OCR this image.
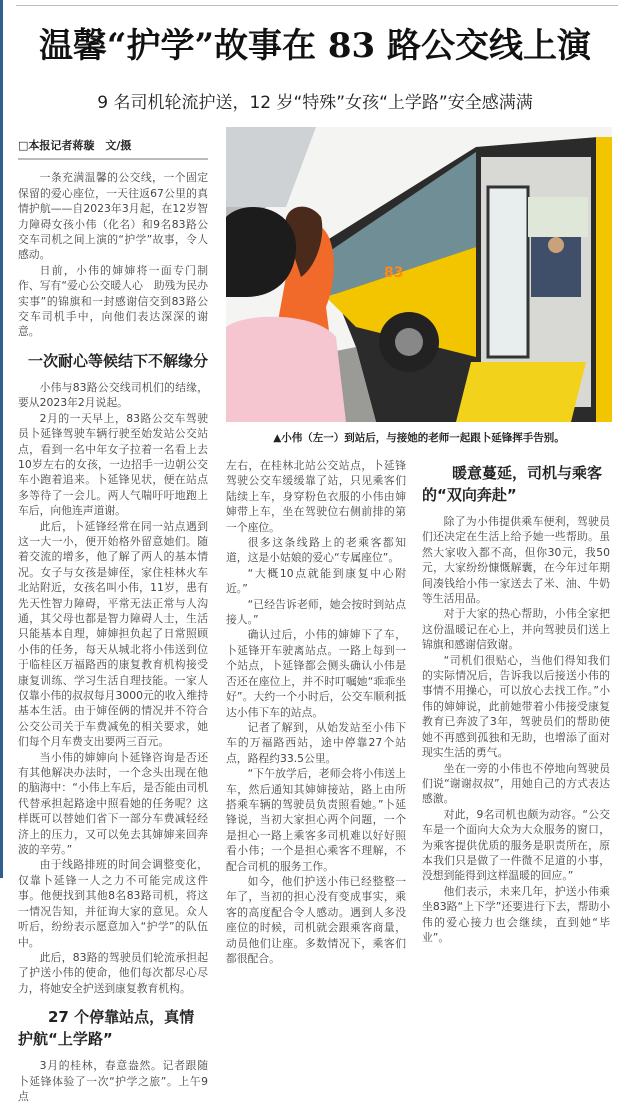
温馨“护学”故事在 83 路公交线上演
9 名司机轮流护送，12 岁“特殊”女孩“上学路”安全感满满
□本报记者蒋璇　文/摄

一条充满温馨的公交线，一个固定保留的爱心座位，一天往返67公里的真情护航——自2023年3月起，在12岁智力障碍女孩小伟（化名）和9名83路公交车司机之间上演的“护学”故事，令人感动。

日前，小伟的婶婶将一面专门制作、写有“爱心公交暖人心　助残为民办实事”的锦旗和一封感谢信交到83路公交车司机手中，向他们表达深深的谢意。

一次耐心等候结下不解缘分

小伟与83路公交线司机们的结缘，要从2023年2月说起。

2月的一天早上，83路公交车驾驶员卜延锋驾驶车辆行驶至始发站公交站点，看到一名中年女子拉着一名看上去10岁左右的女孩，一边招手一边朝公交车小跑着追来。卜延锋见状，便在站点多等待了一会儿。两人气喘吁吁地跑上车后，向他连声道谢。

此后，卜延锋经常在同一站点遇到这一大一小，便开始格外留意她们。随着交流的增多，他了解了两人的基本情况。女子与女孩是婶侄，家住桂林火车北站附近，女孩名叫小伟，11岁，患有先天性智力障碍，平常无法正常与人沟通，其父母也都是智力障碍人士，生活只能基本自理，婶婶担负起了日常照顾小伟的任务，每天从城北将小伟送到位于临桂区万福路西的康复教育机构接受康复训练、学习生活自理技能。一家人仅靠小伟的叔叔每月3000元的收入维持基本生活。由于婶侄俩的情况并不符合公交公司关于车费减免的相关要求，她们每个月车费支出要两三百元。

当小伟的婶婶向卜延锋咨询是否还有其他解决办法时，一个念头出现在他的脑海中：“小伟上车后，是否能由司机代替承担起路途中照看她的任务呢？这样既可以替她们省下一部分车费减轻经济上的压力，又可以免去其婶婶来回奔波的辛劳。”

由于线路排班的时间会调整变化，仅靠卜延锋一人之力不可能完成这件事。他便找到其他8名83路司机，将这一情况告知，并征询大家的意见。众人听后，纷纷表示愿意加入“护学”的队伍中。

此后，83路的驾驶员们轮流承担起了护送小伟的使命，他们每次都尽心尽力，将她安全护送到康复教育机构。

27 个停靠站点，真情护航“上学路”

3月的桂林，春意盎然。记者跟随卜延锋体验了一次“护学之旅”。上午9点

83
▲小伟（左一）到站后，与接她的老师一起跟卜延锋挥手告别。

左右，在桂林北站公交站点，卜延锋驾驶公交车缓缓靠了站，只见乘客们陆续上车，身穿粉色衣服的小伟由婶婶带上车，坐在驾驶位右侧前排的第一个座位。

很多这条线路上的老乘客都知道，这是小姑娘的爱心“专属座位”。

“大概10点就能到康复中心附近。”

“已经告诉老师，她会按时到站点接人。”

确认过后，小伟的婶婶下了车，卜延锋开车驶离站点。一路上每到一个站点，卜延锋都会侧头确认小伟是否还在座位上，并不时叮嘱她“乖乖坐好”。大约一个小时后，公交车顺利抵达小伟下车的站点。

记者了解到，从始发站至小伟下车的万福路西站，途中停靠27个站点，路程约33.5公里。

“下午放学后，老师会将小伟送上车，然后通知其婶婶接站，路上由所搭乘车辆的驾驶员负责照看她。”卜延锋说，当初大家担心两个问题，一个是担心一路上乘客多司机难以好好照看小伟；一个是担心乘客不理解，不配合司机的服务工作。

如今，他们护送小伟已经整整一年了，当初的担心没有变成事实，乘客的高度配合令人感动。遇到人多没座位的时候，司机就会跟乘客商量，动员他们让座。多数情况下，乘客们都很配合。

暖意蔓延，司机与乘客的“双向奔赴”

除了为小伟提供乘车便利，驾驶员们还决定在生活上给予她一些帮助。虽然大家收入都不高，但你30元，我50元，大家纷纷慷慨解囊，在今年过年期间凑钱给小伟一家送去了米、油、牛奶等生活用品。

对于大家的热心帮助，小伟全家把这份温暖记在心上，并向驾驶员们送上锦旗和感谢信致谢。

“司机们很贴心，当他们得知我们的实际情况后，告诉我以后接送小伟的事情不用操心，可以放心去找工作。”小伟的婶婶说，此前她带着小伟接受康复教育已奔波了3年，驾驶员们的帮助使她不再感到孤独和无助，也增添了面对现实生活的勇气。

坐在一旁的小伟也不停地向驾驶员们说“谢谢叔叔”，用她自己的方式表达感激。

对此，9名司机也颇为动容。“公交车是一个面向大众为大众服务的窗口，为乘客提供优质的服务是职责所在，原本我们只是做了一件微不足道的小事，没想到能得到这样温暖的回应。”

他们表示，未来几年，护送小伟乘坐83路“上下学”还要进行下去，帮助小伟的爱心接力也会继续，直到她“毕业”。
